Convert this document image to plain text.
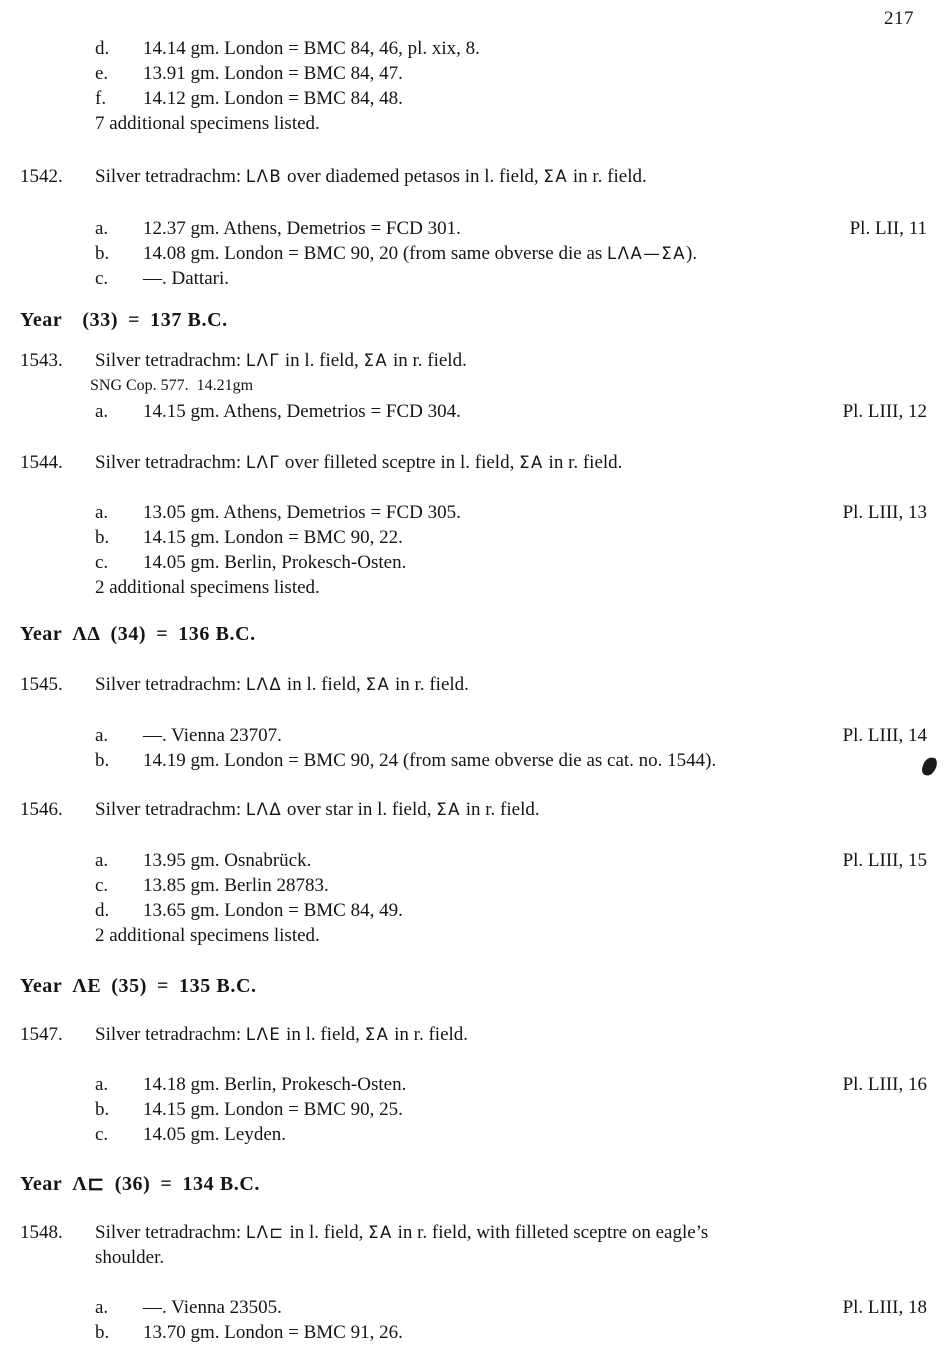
217
d.	14.14 gm. London = BMC 84, 46, pl. xix, 8.
e.	13.91 gm. London = BMC 84, 47.
f.	14.12 gm. London = BMC 84, 48.
7 additional specimens listed.
1542.	Silver tetradrachm: LΛB over diademed petasos in l. field, ΣA in r. field.
a.	12.37 gm. Athens, Demetrios = FCD 301.	Pl. LII, 11
b.	14.08 gm. London = BMC 90, 20 (from same obverse die as LΛA—ΣA).
c.	—. Dattari.
Year (33) = 137 B.C.
1543.	Silver tetradrachm: LΛΓ in l. field, ΣA in r. field.
SNG Cop. 577.  14.21gm
a.	14.15 gm. Athens, Demetrios = FCD 304.	Pl. LIII, 12
1544.	Silver tetradrachm: LΛΓ over filleted sceptre in l. field, ΣA in r. field.
a.	13.05 gm. Athens, Demetrios = FCD 305.	Pl. LIII, 13
b.	14.15 gm. London = BMC 90, 22.
c.	14.05 gm. Berlin, Prokesch-Osten.
2 additional specimens listed.
Year ΛΔ (34) = 136 B.C.
1545.	Silver tetradrachm: LΛΔ in l. field, ΣA in r. field.
a.	—. Vienna 23707.	Pl. LIII, 14
b.	14.19 gm. London = BMC 90, 24 (from same obverse die as cat. no. 1544).
1546.	Silver tetradrachm: LΛΔ over star in l. field, ΣA in r. field.
a.	13.95 gm. Osnabrück.	Pl. LIII, 15
c.	13.85 gm. Berlin 28783.
d.	13.65 gm. London = BMC 84, 49.
2 additional specimens listed.
Year ΛΕ (35) = 135 B.C.
1547.	Silver tetradrachm: LΛΕ in l. field, ΣA in r. field.
a.	14.18 gm. Berlin, Prokesch-Osten.	Pl. LIII, 16
b.	14.15 gm. London = BMC 90, 25.
c.	14.05 gm. Leyden.
Year Λ⊏ (36) = 134 B.C.
1548.	Silver tetradrachm: LΛ⊏ in l. field, ΣA in r. field, with filleted sceptre on eagle’s
shoulder.
a.	—. Vienna 23505.	Pl. LIII, 18
b.	13.70 gm. London = BMC 91, 26.
